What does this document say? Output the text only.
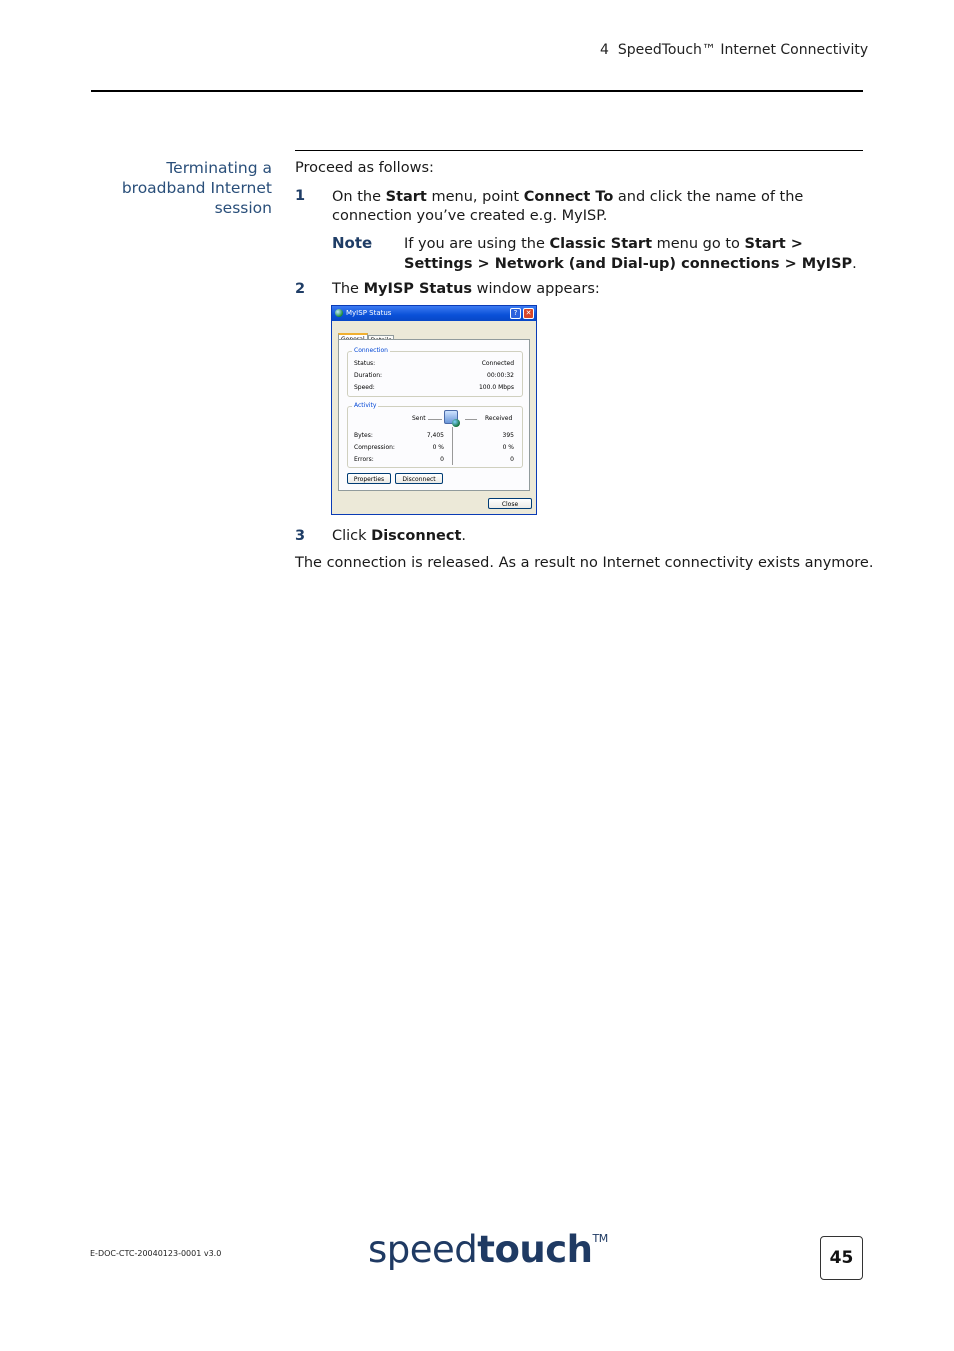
4 SpeedTouch™ Internet Connectivity
Terminating a broadband Internet session
Proceed as follows:
1 On the Start menu, point Connect To and click the name of the connection you’ve created e.g. MyISP.
Note If you are using the Classic Start menu go to Start > Settings > Network (and Dial-up) connections > MyISP.
2 The MyISP Status window appears:
MyISP Status	?	✕
Connection
Status:	Connected
Duration:	00:00:32
Speed:	100.0 Mbps
Activity
Sent	Received
Bytes:	7,405	395
Compression:	0 %	0 %
Errors:	0	0
Properties	Disconnect
Close
3 Click Disconnect.
The connection is released. As a result no Internet connectivity exists anymore.
E-DOC-CTC-20040123-0001 v3.0	speedtouch™
45
